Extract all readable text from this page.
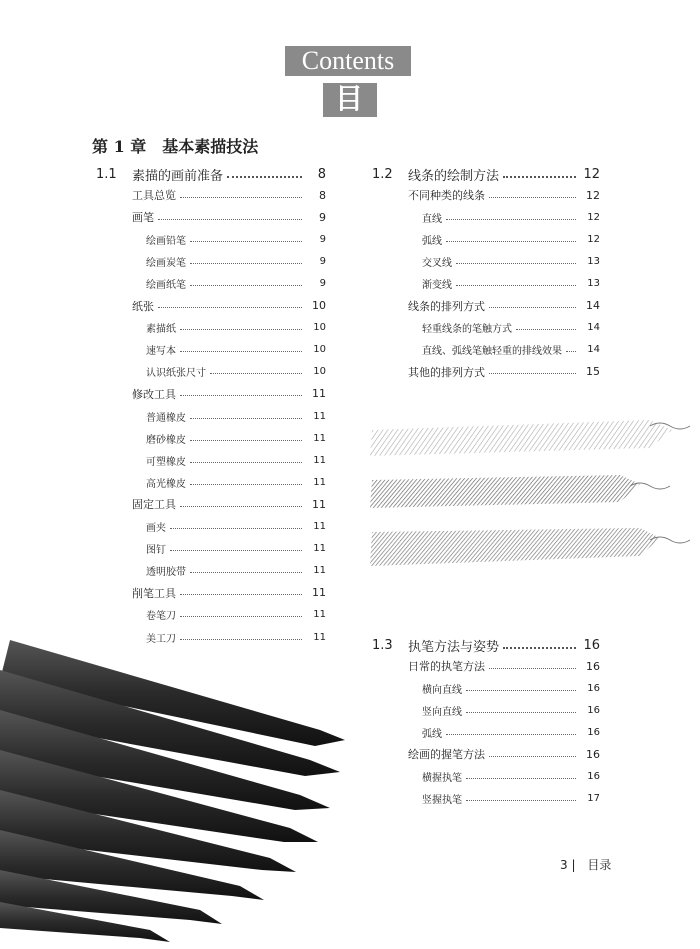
Contents
目录
第 1 章 基本素描技法
1.1	素描的画前准备	8
工具总览	8
画笔	9
绘画铅笔	9
绘画炭笔	9
绘画纸笔	9
纸张	10
素描纸	10
速写本	10
认识纸张尺寸	10
修改工具	11
普通橡皮	11
磨砂橡皮	11
可塑橡皮	11
高光橡皮	11
固定工具	11
画夹	11
图钉	11
透明胶带	11
削笔工具	11
卷笔刀	11
美工刀	11
1.2	线条的绘制方法	12
不同种类的线条	12
直线	12
弧线	12
交叉线	13
渐变线	13
线条的排列方式	14
轻重线条的笔触方式	14
直线、弧线笔触轻重的排线效果	14
其他的排列方式	15
1.3	执笔方法与姿势	16
日常的执笔方法	16
横向直线	16
竖向直线	16
弧线	16
绘画的握笔方法	16
横握执笔	16
竖握执笔	17
3 | 目录
